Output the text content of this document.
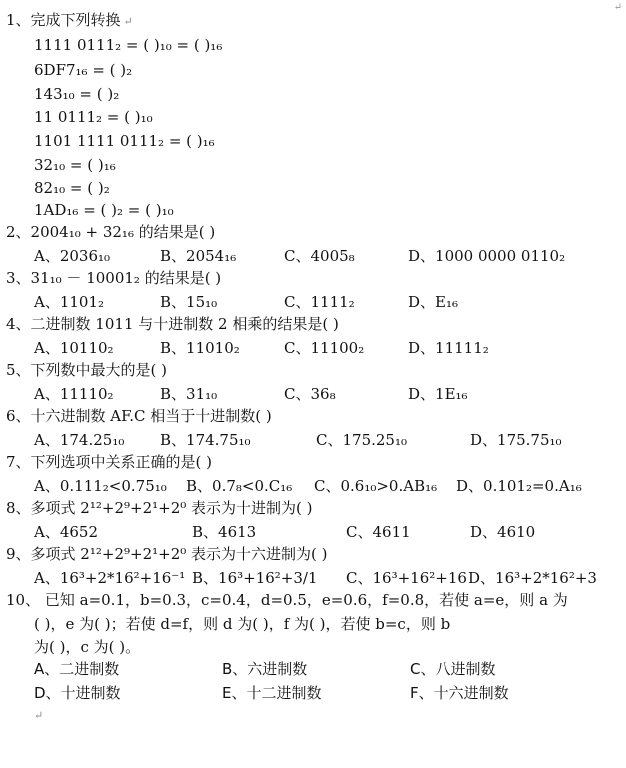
↵
1、完成下列转换 ↵
1111 0111₂ = ( )₁₀ = ( )₁₆
6DF7₁₆ = ( )₂
143₁₀ = ( )₂
11 0111₂ = ( )₁₀
1101 1111 0111₂ = ( )₁₆
32₁₀ = ( )₁₆
82₁₀ = ( )₂
1AD₁₆ = ( )₂ = ( )₁₀
2、2004₁₀ + 32₁₆ 的结果是( )
A、2036₁₀	B、2054₁₆	C、4005₈	D、1000 0000 0110₂
3、31₁₀ － 10001₂ 的结果是( )
A、1101₂	B、15₁₀	C、1111₂	D、E₁₆
4、二进制数 1011 与十进制数 2 相乘的结果是( )
A、10110₂	B、11010₂	C、11100₂	D、11111₂
5、下列数中最大的是( )
A、11110₂	B、31₁₀	C、36₈	D、1E₁₆
6、十六进制数 AF.C 相当于十进制数( )
A、174.25₁₀ B、174.75₁₀	C、175.25₁₀	D、175.75₁₀
7、下列选项中关系正确的是( )
A、0.111₂<0.75₁₀ B、0.7₈<0.C₁₆ C、0.6₁₀>0.AB₁₆ D、0.101₂=0.A₁₆
8、多项式 2¹²+2⁹+2¹+2⁰ 表示为十进制为( )
A、4652	B、4613	C、4611	D、4610
9、多项式 2¹²+2⁹+2¹+2⁰ 表示为十六进制为( )
A、16³+2*16²+16⁻¹ B、16³+16²+3/1 C、16³+16²+16 D、16³+2*16²+3
10、 已知 a=0.1，b=0.3，c=0.4，d=0.5，e=0.6，f=0.8，若使 a=e，则 a 为
( )，e 为( )；若使 d=f，则 d 为( )，f 为( )，若使 b=c，则 b
为( )，c 为( )。
A、二进制数	B、六进制数	C、八进制数
D、十进制数	E、十二进制数	F、十六进制数
↵
